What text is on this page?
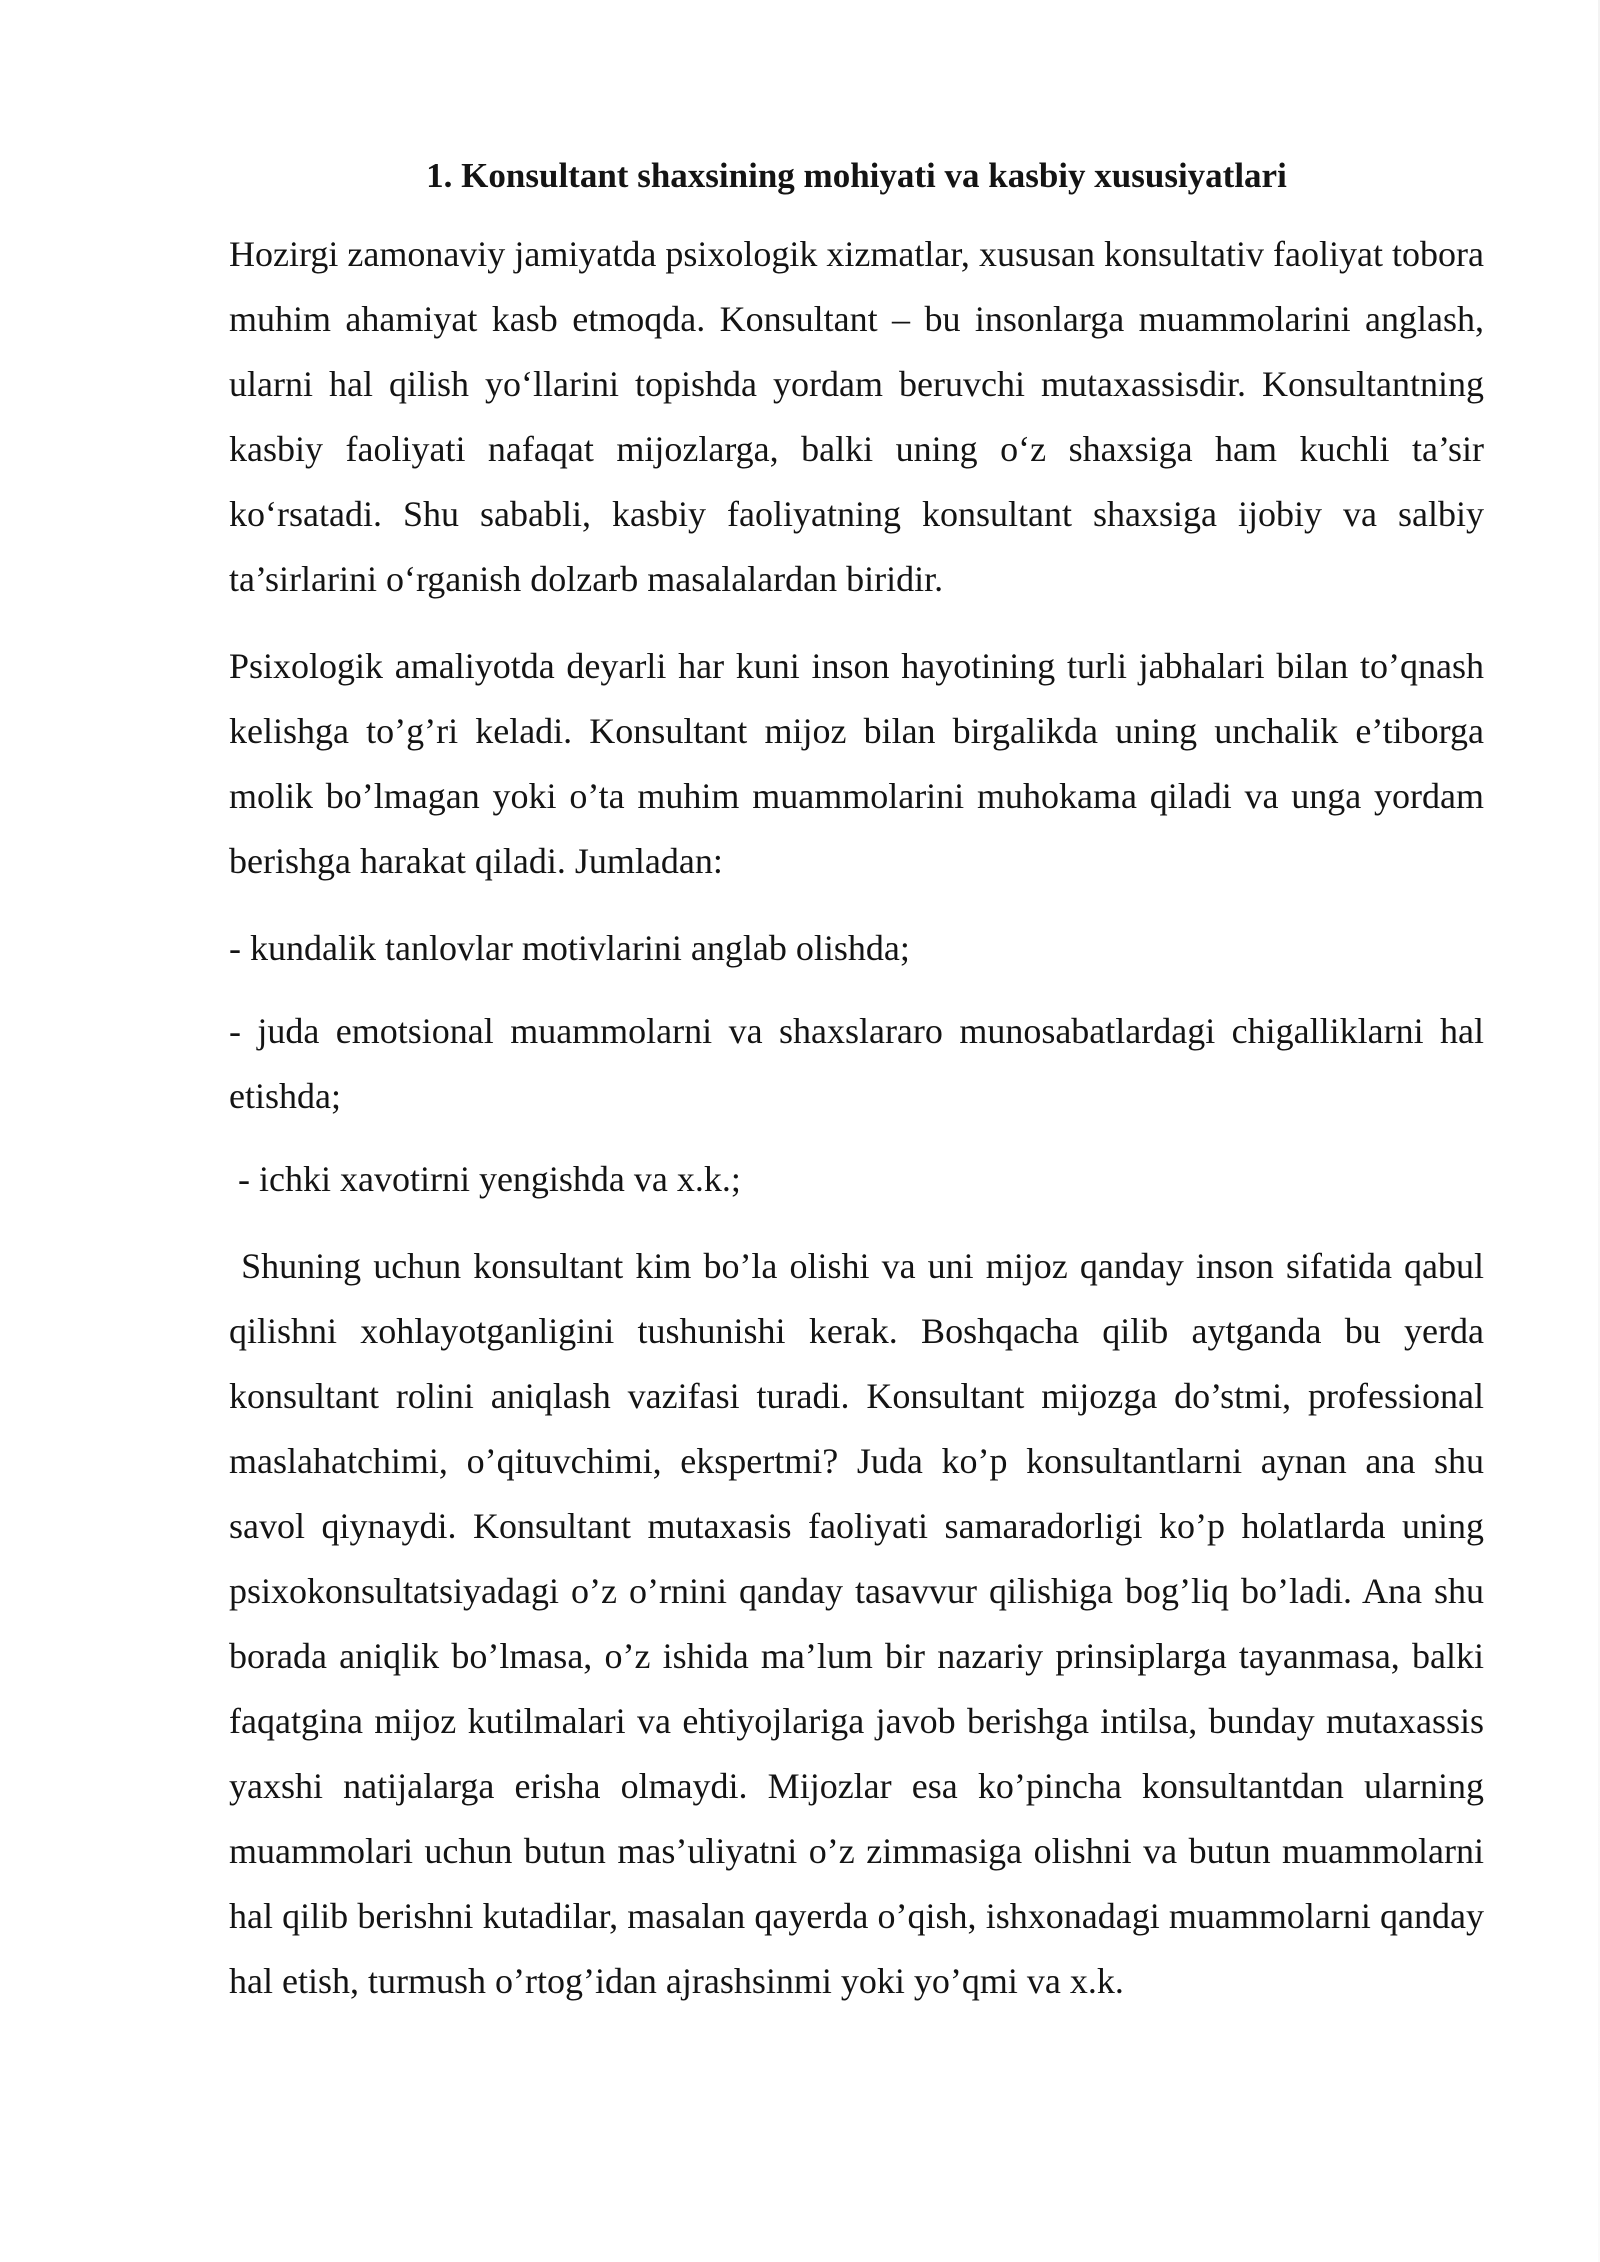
1. Konsultant shaxsining mohiyati va kasbiy xususiyatlari

Hozirgi zamonaviy jamiyatda psixologik xizmatlar, xususan konsultativ faoliyat tobora muhim ahamiyat kasb etmoqda. Konsultant – bu insonlarga muammolarini anglash, ularni hal qilish yo‘llarini topishda yordam beruvchi mutaxassisdir. Konsultantning kasbiy faoliyati nafaqat mijozlarga, balki uning o‘z shaxsiga ham kuchli ta’sir ko‘rsatadi. Shu sababli, kasbiy faoliyatning konsultant shaxsiga ijobiy va salbiy ta’sirlarini o‘rganish dolzarb masalalardan biridir.

Psixologik amaliyotda deyarli har kuni inson hayotining turli jabhalari bilan to’qnash kelishga to’g’ri keladi. Konsultant mijoz bilan birgalikda uning unchalik e’tiborga molik bo’lmagan yoki o’ta muhim muammolarini muhokama qiladi va unga yordam berishga harakat qiladi. Jumladan:

- kundalik tanlovlar motivlarini anglab olishda;

- juda emotsional muammolarni va shaxslararo munosabatlardagi chigalliklarni hal etishda;

- ichki xavotirni yengishda va x.k.;

Shuning uchun konsultant kim bo’la olishi va uni mijoz qanday inson sifatida qabul qilishni xohlayotganligini tushunishi kerak. Boshqacha qilib aytganda bu yerda konsultant rolini aniqlash vazifasi turadi. Konsultant mijozga do’stmi, professional maslahatchimi, o’qituvchimi, ekspertmi? Juda ko’p konsultantlarni aynan ana shu savol qiynaydi. Konsultant mutaxasis faoliyati samaradorligi ko’p holatlarda uning psixokonsultatsiyadagi o’z o’rnini qanday tasavvur qilishiga bog’liq bo’ladi. Ana shu borada aniqlik bo’lmasa, o’z ishida ma’lum bir nazariy prinsiplarga tayanmasa, balki faqatgina mijoz kutilmalari va ehtiyojlariga javob berishga intilsa, bunday mutaxassis yaxshi natijalarga erisha olmaydi. Mijozlar esa ko’pincha konsultantdan ularning muammolari uchun butun mas’uliyatni o’z zimmasiga olishni va butun muammolarni hal qilib berishni kutadilar, masalan qayerda o’qish, ishxonadagi muammolarni qanday hal etish, turmush o’rtog’idan ajrashsinmi yoki yo’qmi va x.k.
